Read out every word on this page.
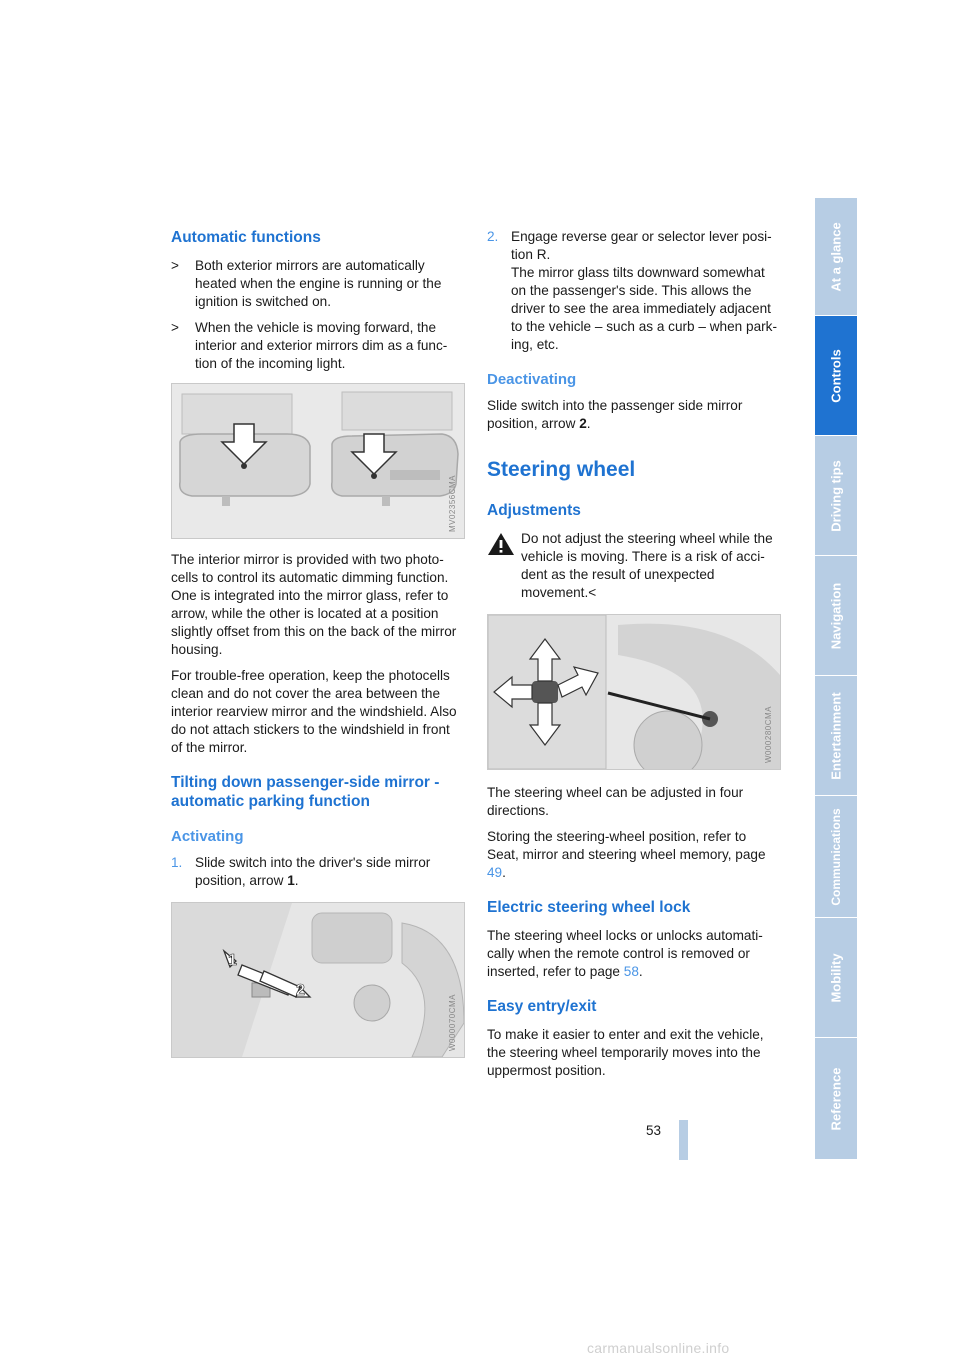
Automatic functions
> Both exterior mirrors are automatically heated when the engine is running or the ignition is switched on.
> When the vehicle is moving forward, the interior and exterior mirrors dim as a func-tion of the incoming light.
MV02356CMA

The interior mirror is provided with two photo-cells to control its automatic dimming function. One is integrated into the mirror glass, refer to arrow, while the other is located at a position slightly offset from this on the back of the mirror housing.

For trouble-free operation, keep the photocells clean and do not cover the area between the interior rearview mirror and the windshield. Also do not attach stickers to the windshield in front of the mirror.

Tilting down passenger-side mirror - automatic parking function
Activating
1. Slide switch into the driver's side mirror position, arrow 1.
1
2
W000070CMA
2. Engage reverse gear or selector lever posi-tion R.
The mirror glass tilts downward somewhat on the passenger's side. This allows the driver to see the area immediately adjacent to the vehicle – such as a curb – when park-ing, etc.
Deactivating

Slide switch into the passenger side mirror position, arrow 2.

Steering wheel
Adjustments
Do not adjust the steering wheel while the vehicle is moving. There is a risk of acci-dent as the result of unexpected movement.<
W000280CMA

The steering wheel can be adjusted in four directions.

Storing the steering-wheel position, refer to Seat, mirror and steering wheel memory, page 49.

Electric steering wheel lock

The steering wheel locks or unlocks automati-cally when the remote control is removed or inserted, refer to page 58.

Easy entry/exit

To make it easier to enter and exit the vehicle, the steering wheel temporarily moves into the uppermost position.

At a glance
Controls
Driving tips
Navigation
Entertainment
Communications
Mobility
Reference
53
carmanualsonline.info
